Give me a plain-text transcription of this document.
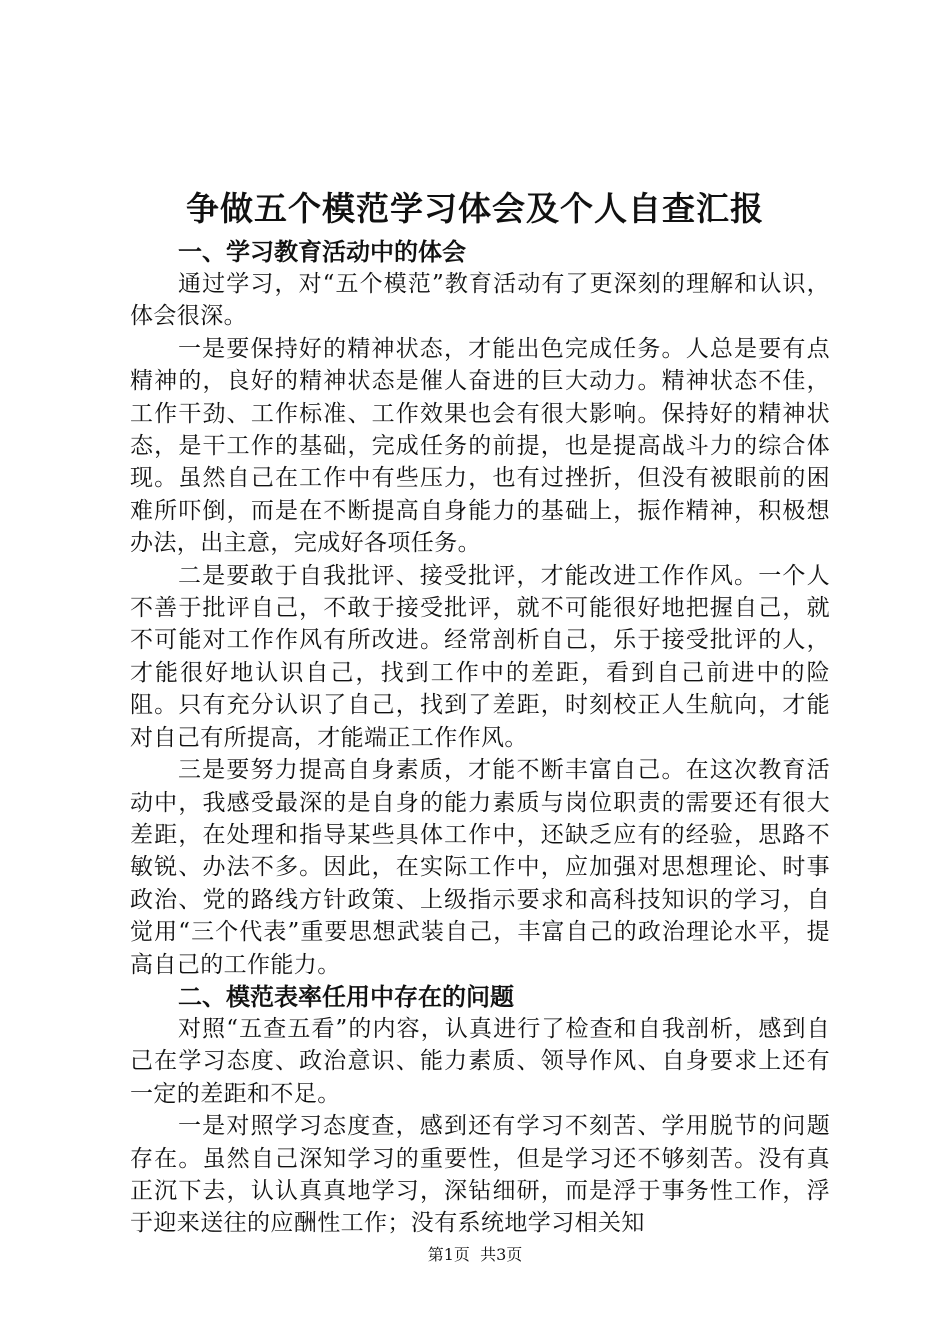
争做五个模范学习体会及个人自查汇报
一、学习教育活动中的体会

通过学习，对“五个模范”教育活动有了更深刻的理解和认识，体会很深。

一是要保持好的精神状态，才能出色完成任务。人总是要有点精神的，良好的精神状态是催人奋进的巨大动力。精神状态不佳，工作干劲、工作标准、工作效果也会有很大影响。保持好的精神状态，是干工作的基础，完成任务的前提，也是提高战斗力的综合体现。虽然自己在工作中有些压力，也有过挫折，但没有被眼前的困难所吓倒，而是在不断提高自身能力的基础上，振作精神，积极想办法，出主意，完成好各项任务。

二是要敢于自我批评、接受批评，才能改进工作作风。一个人不善于批评自己，不敢于接受批评，就不可能很好地把握自己，就不可能对工作作风有所改进。经常剖析自己，乐于接受批评的人，才能很好地认识自己，找到工作中的差距，看到自己前进中的险阻。只有充分认识了自己，找到了差距，时刻校正人生航向，才能对自己有所提高，才能端正工作作风。

三是要努力提高自身素质，才能不断丰富自己。在这次教育活动中，我感受最深的是自身的能力素质与岗位职责的需要还有很大差距，在处理和指导某些具体工作中，还缺乏应有的经验，思路不敏锐、办法不多。因此，在实际工作中，应加强对思想理论、时事政治、党的路线方针政策、上级指示要求和高科技知识的学习，自觉用“三个代表”重要思想武装自己，丰富自己的政治理论水平，提高自己的工作能力。

二、模范表率任用中存在的问题

对照“五查五看”的内容，认真进行了检查和自我剖析，感到自己在学习态度、政治意识、能力素质、领导作风、自身要求上还有一定的差距和不足。

一是对照学习态度查，感到还有学习不刻苦、学用脱节的问题存在。虽然自己深知学习的重要性，但是学习还不够刻苦。没有真正沉下去，认认真真地学习，深钻细研，而是浮于事务性工作，浮于迎来送往的应酬性工作；没有系统地学习相关知

第1页 共3页
